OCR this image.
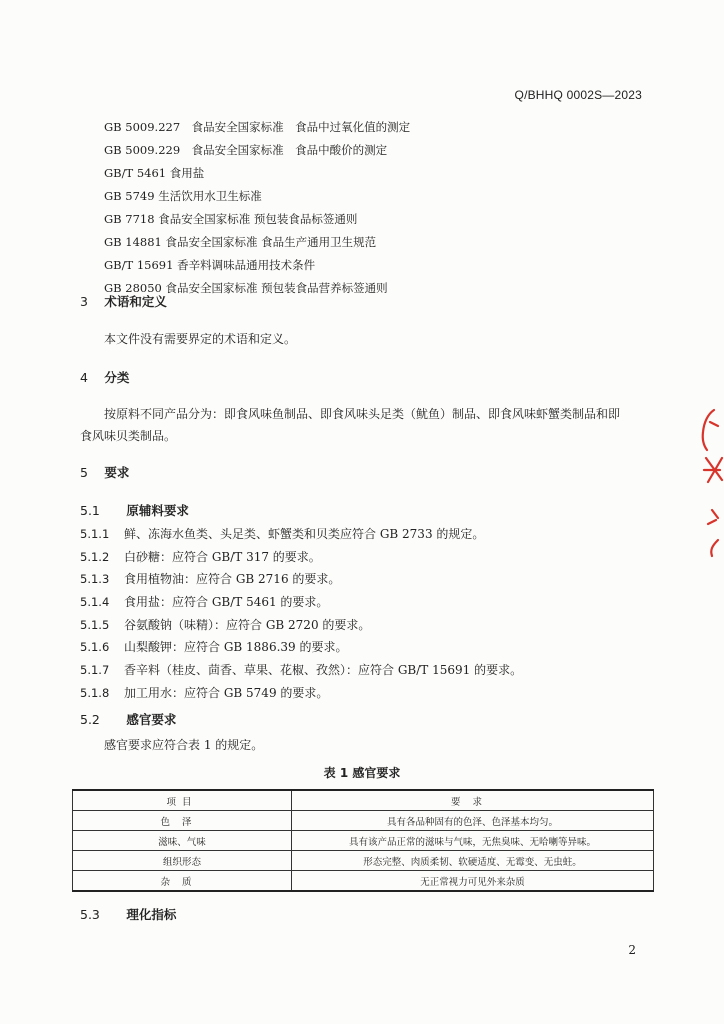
Q/BHHQ 0002S—2023
GB 5009.227　食品安全国家标准　食品中过氧化值的测定
GB 5009.229　食品安全国家标准　食品中酸价的测定
GB/T 5461 食用盐
GB 5749 生活饮用水卫生标准
GB 7718 食品安全国家标准 预包装食品标签通则
GB 14881 食品安全国家标准 食品生产通用卫生规范
GB/T 15691 香辛料调味品通用技术条件
GB 28050 食品安全国家标准 预包装食品营养标签通则
3 术语和定义
本文件没有需要界定的术语和定义。
4 分类
按原料不同产品分为：即食风味鱼制品、即食风味头足类（鱿鱼）制品、即食风味虾蟹类制品和即
食风味贝类制品。
5 要求
5.1 原辅料要求
5.1.1 鲜、冻海水鱼类、头足类、虾蟹类和贝类应符合 GB 2733 的规定。
5.1.2 白砂糖：应符合 GB/T 317 的要求。
5.1.3 食用植物油：应符合 GB 2716 的要求。
5.1.4 食用盐：应符合 GB/T 5461 的要求。
5.1.5 谷氨酸钠（味精）：应符合 GB 2720 的要求。
5.1.6 山梨酸钾：应符合 GB 1886.39 的要求。
5.1.7 香辛料（桂皮、茴香、草果、花椒、孜然）：应符合 GB/T 15691 的要求。
5.1.8 加工用水：应符合 GB 5749 的要求。
5.2 感官要求
感官要求应符合表 1 的规定。
表 1 感官要求
项目	要求
色泽	具有各品种固有的色泽、色泽基本均匀。
滋味、气味	具有该产品正常的滋味与气味，无焦臭味、无哈喇等异味。
组织形态	形态完整、肉质柔韧、软硬适度、无霉变、无虫蛀。
杂质	无正常视力可见外来杂质
5.3 理化指标
2
